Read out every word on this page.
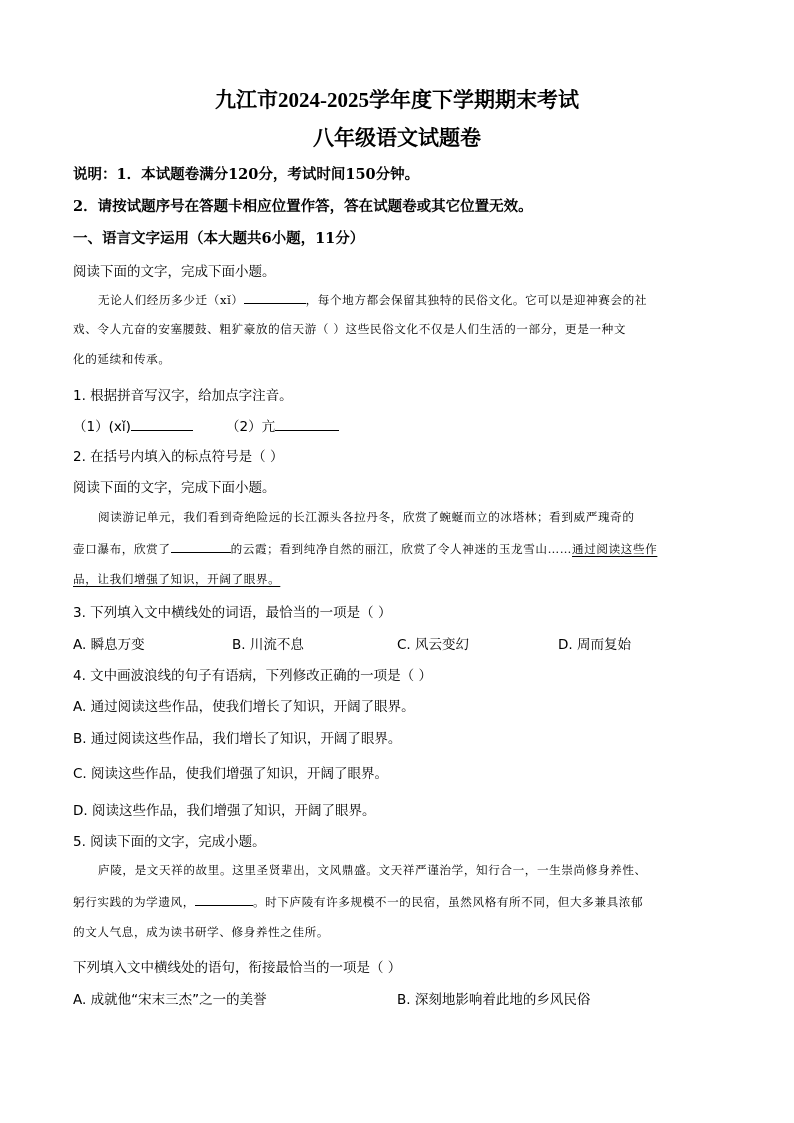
九江市2024-2025学年度下学期期末考试
八年级语文试题卷
说明：1．本试题卷满分120分，考试时间150分钟。
2．请按试题序号在答题卡相应位置作答，答在试题卷或其它位置无效。
一、语言文字运用（本大题共6小题，11分）
阅读下面的文字，完成下面小题。
无论人们经历多少迁（xǐ）	，每个地方都会保留其独特的民俗文化。它可以是迎神赛会的社
戏、令人亢奋的安塞腰鼓、粗犷豪放的信天游（ ）这些民俗文化不仅是人们生活的一部分，更是一种文
化的延续和传承。
1. 根据拼音写汉字，给加点字注音。
（1）(xǐ)	（2）亢
2. 在括号内填入的标点符号是（ ）
阅读下面的文字，完成下面小题。
阅读游记单元，我们看到奇绝险远的长江源头各拉丹冬，欣赏了蜿蜒而立的冰塔林；看到威严瑰奇的
壶口瀑布，欣赏了	的云霞；看到纯净自然的丽江，欣赏了令人神迷的玉龙雪山……通过阅读这些作
品，让我们增强了知识，开阔了眼界。
3. 下列填入文中横线处的词语，最恰当的一项是（ ）
A. 瞬息万变	B. 川流不息	C. 风云变幻	D. 周而复始
4. 文中画波浪线的句子有语病，下列修改正确的一项是（ ）
A. 通过阅读这些作品，使我们增长了知识，开阔了眼界。
B. 通过阅读这些作品，我们增长了知识，开阔了眼界。
C. 阅读这些作品，使我们增强了知识，开阔了眼界。
D. 阅读这些作品，我们增强了知识，开阔了眼界。
5. 阅读下面的文字，完成小题。
庐陵，是文天祥的故里。这里圣贤辈出，文风鼎盛。文天祥严谨治学，知行合一，一生崇尚修身养性、
躬行实践的为学遗风，	。时下庐陵有许多规模不一的民宿，虽然风格有所不同，但大多兼具浓郁
的文人气息，成为读书研学、修身养性之佳所。
下列填入文中横线处的语句，衔接最恰当的一项是（ ）
A. 成就他“宋末三杰”之一的美誉	B. 深刻地影响着此地的乡风民俗
